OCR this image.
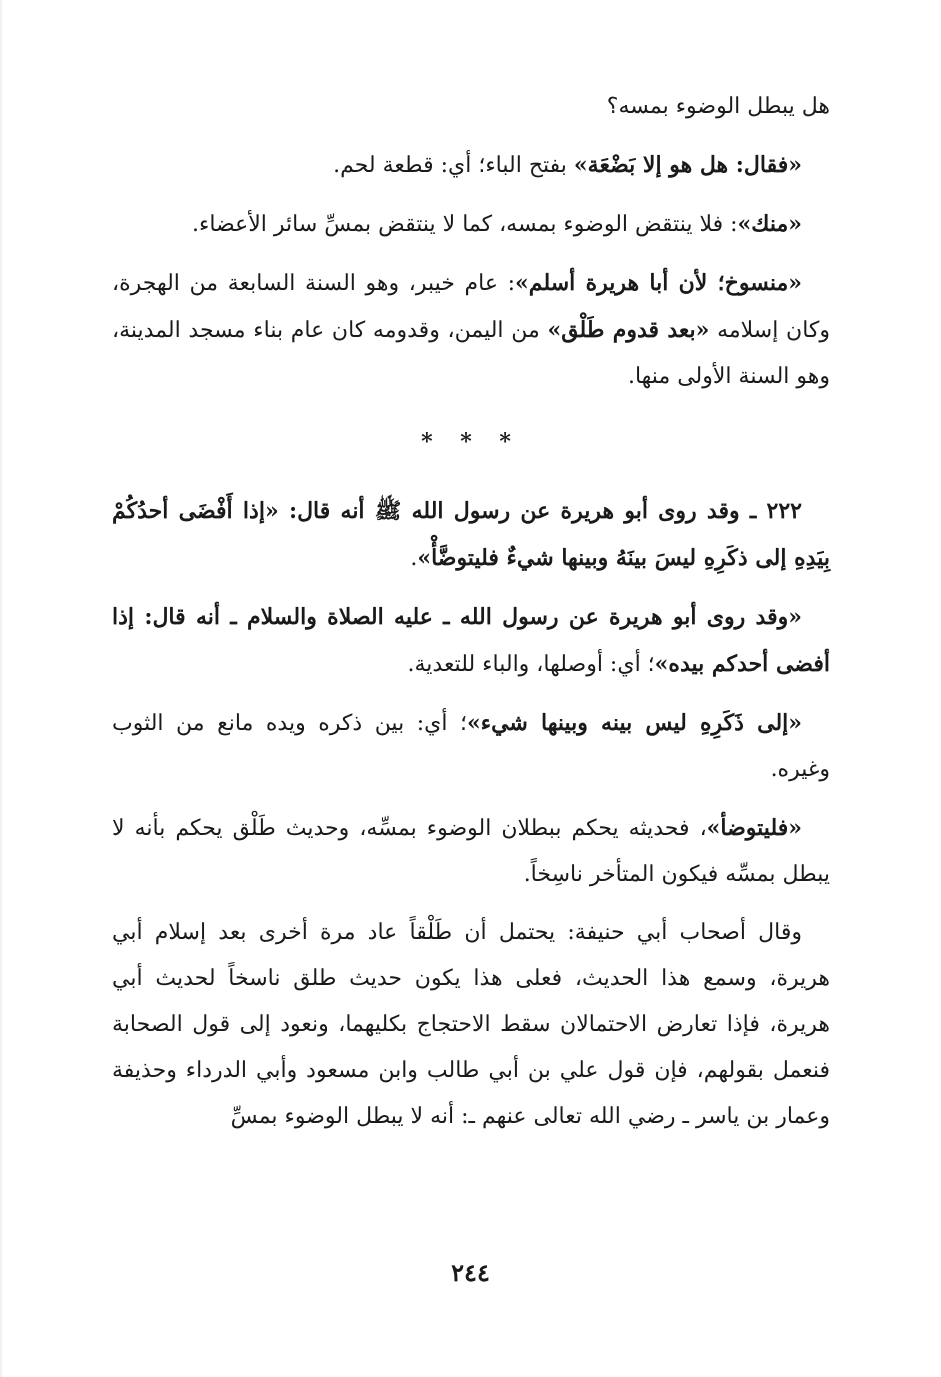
هل يبطل الوضوء بمسه؟

«فقال: هل هو إلا بَضْعَة» بفتح الباء؛ أي: قطعة لحم.

«منك»: فلا ينتقض الوضوء بمسه، كما لا ينتقض بمسِّ سائر الأعضاء.

«منسوخ؛ لأن أبا هريرة أسلم»: عام خيبر، وهو السنة السابعة من الهجرة، وكان إسلامه «بعد قدوم طَلْق» من اليمن، وقدومه كان عام بناء مسجد المدينة، وهو السنة الأولى منها.

* * *

٢٢٢ ـ وقد روى أبو هريرة عن رسول الله ﷺ أنه قال: «إذا أَفْضَى أحدُكُمْ بِيَدِهِ إلى ذكَرِهِ ليسَ بينَهُ وبينها شيءٌ فليتوضَّأْ».

«وقد روى أبو هريرة عن رسول الله ـ عليه الصلاة والسلام ـ أنه قال: إذا أفضى أحدكم بيده»؛ أي: أوصلها، والباء للتعدية.

«إلى ذَكَرِهِ ليس بينه وبينها شيء»؛ أي: بين ذكره ويده مانع من الثوب وغيره.

«فليتوضأ»، فحديثه يحكم ببطلان الوضوء بمسِّه، وحديث طَلْق يحكم بأنه لا يبطل بمسِّه فيكون المتأخر ناسِخاً.

وقال أصحاب أبي حنيفة: يحتمل أن طَلْقاً عاد مرة أخرى بعد إسلام أبي هريرة، وسمع هذا الحديث، فعلى هذا يكون حديث طلق ناسخاً لحديث أبي هريرة، فإذا تعارض الاحتمالان سقط الاحتجاج بكليهما، ونعود إلى قول الصحابة فنعمل بقولهم، فإن قول علي بن أبي طالب وابن مسعود وأبي الدرداء وحذيفة وعمار بن ياسر ـ رضي الله تعالى عنهم ـ: أنه لا يبطل الوضوء بمسِّ

٢٤٤
